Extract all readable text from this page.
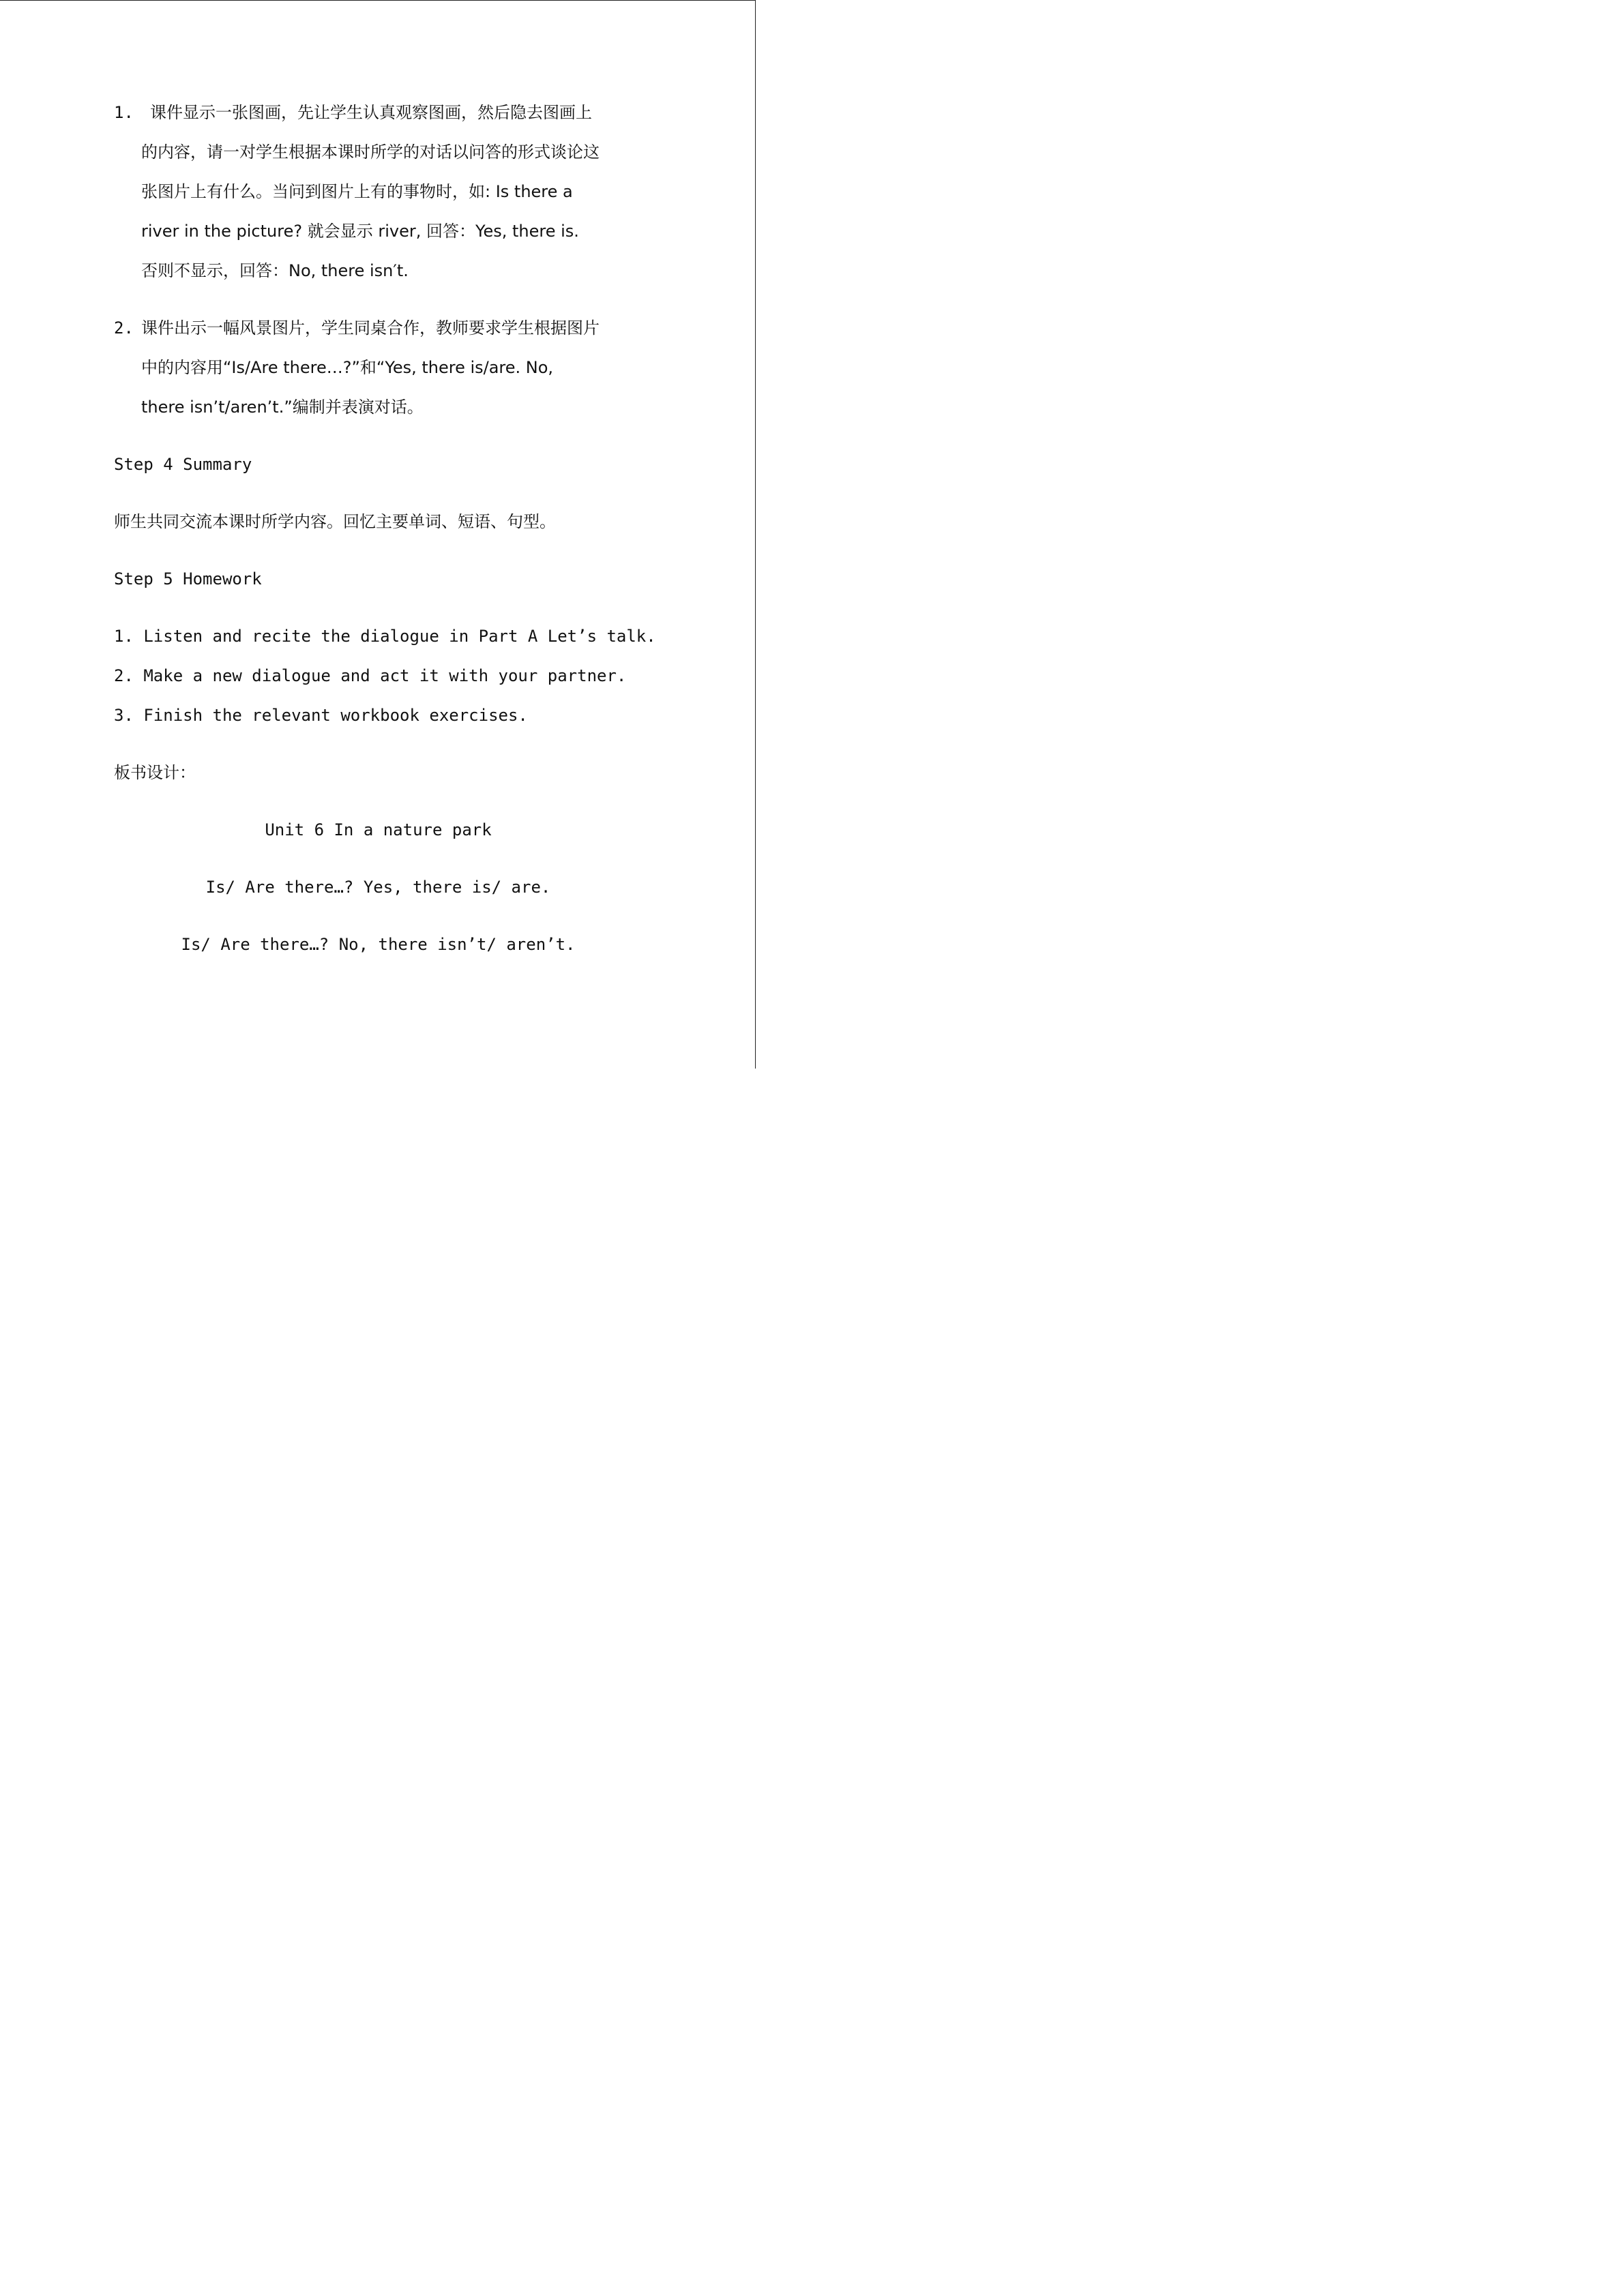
1. 课件显示一张图画，先让学生认真观察图画，然后隐去图画上
的内容，请一对学生根据本课时所学的对话以问答的形式谈论这
张图片上有什么。当问到图片上有的事物时，如: Is there a
river in the picture? 就会显示 river, 回答：Yes, there is.
否则不显示，回答：No, there isn′t.
2. 课件出示一幅风景图片，学生同桌合作，教师要求学生根据图片
中的内容用“Is/Are there…?”和“Yes, there is/are. No,
there isn’t/aren’t.”编制并表演对话。
Step 4 Summary
师生共同交流本课时所学内容。回忆主要单词、短语、句型。
Step 5 Homework
1. Listen and recite the dialogue in Part A Let’s talk.
2. Make a new dialogue and act it with your partner.
3. Finish the relevant workbook exercises.
板书设计：
Unit 6 In a nature park
Is/ Are there…? Yes, there is/ are.
Is/ Are there…? No, there isn’t/ aren’t.
